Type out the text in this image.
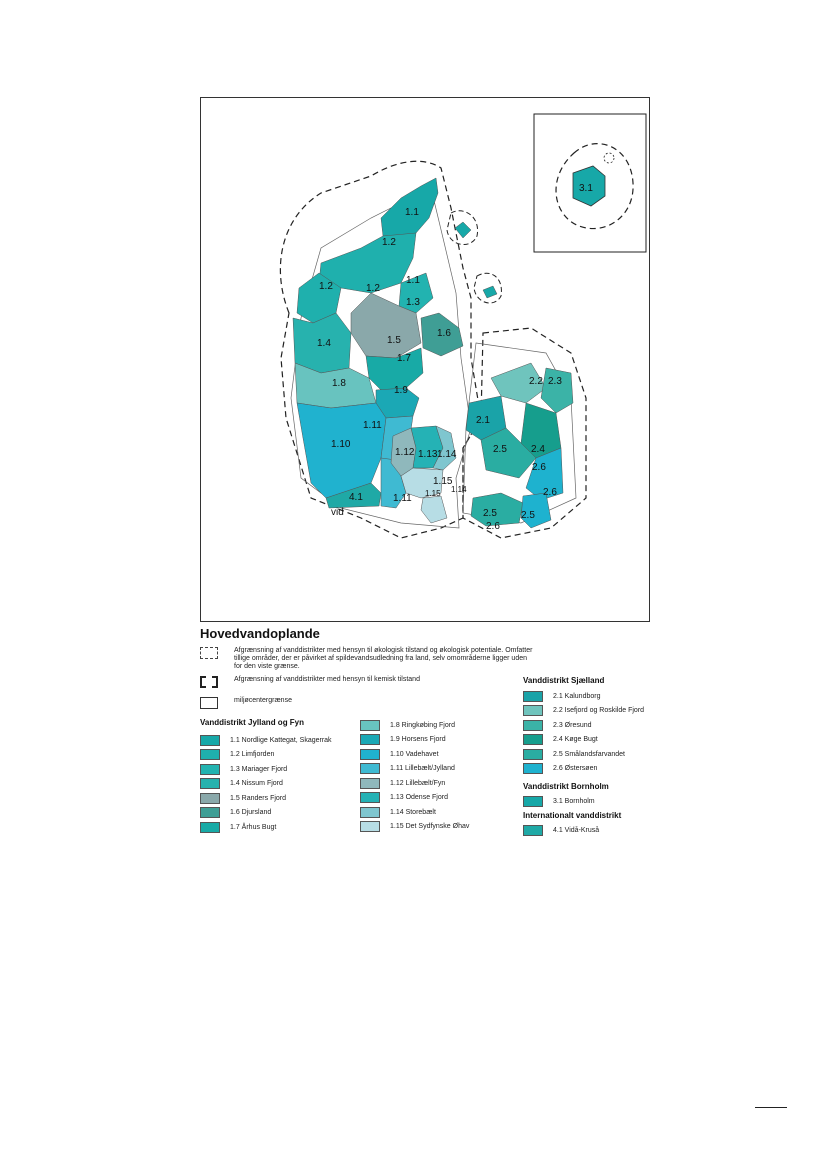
1.1
1.2
1.2	1.2
1.1
1.3
1.6
1.4	1.5
1.7
1.8
1.9
1.10
1.11
1.12 1.13 1.14
1.15
1.11
4.1
vid
1.15 1.14
2.1
2.2 2.3
2.4
2.5
2.6
2.6
2.5
2.6
2.5
3.1
Hovedvandoplande
Afgrænsning af vanddistrikter med hensyn til økologisk tilstand og økologisk potentiale. Omfatter tillige områder, der er påvirket af spildevandsudledning fra land, selv omområderne ligger uden for den viste grænse.
Afgrænsning af vanddistrikter med hensyn til kemisk tilstand
miljøcentergrænse
Vanddistrikt Jylland og Fyn
1.1 Nordlige Kattegat, Skagerrak
1.2 Limfjorden
1.3 Mariager Fjord
1.4 Nissum Fjord
1.5 Randers Fjord
1.6 Djursland
1.7 Århus Bugt
1.8 Ringkøbing Fjord
1.9 Horsens Fjord
1.10 Vadehavet
1.11 Lillebælt/Jylland
1.12 Lillebælt/Fyn
1.13 Odense Fjord
1.14 Storebælt
1.15 Det Sydfynske Øhav
Vanddistrikt Sjælland
2.1 Kalundborg
2.2 Isefjord og Roskilde Fjord
2.3 Øresund
2.4 Køge Bugt
2.5 Smålandsfarvandet
2.6 Østersøen
Vanddistrikt Bornholm
3.1 Bornholm
Internationalt vanddistrikt
4.1 Vidå-Kruså
